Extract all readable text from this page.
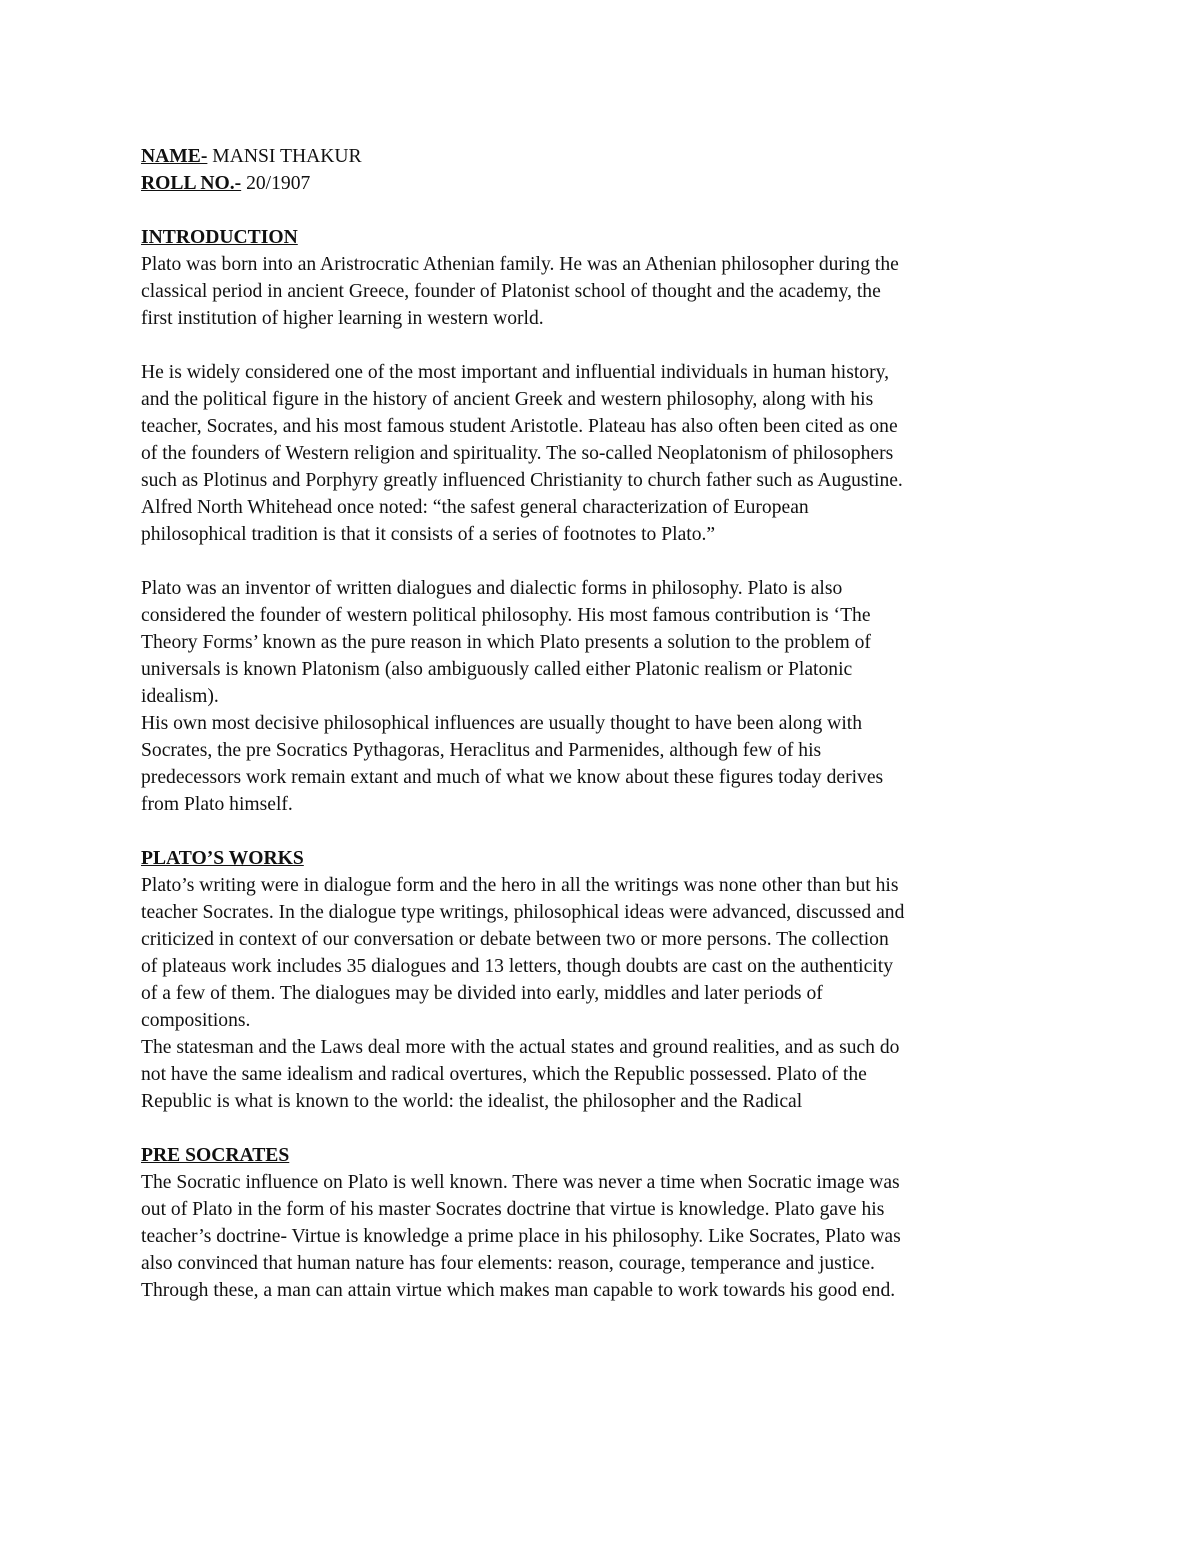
NAME- MANSI THAKUR
ROLL NO.- 20/1907
INTRODUCTION

Plato was born into an Aristrocratic Athenian family. He was an Athenian philosopher during the
classical period in ancient Greece, founder of Platonist school of thought and the academy, the
first institution of higher learning in western world.

He is widely considered one of the most important and influential individuals in human history,
and the political figure in the history of ancient Greek and western philosophy, along with his
teacher, Socrates, and his most famous student Aristotle. Plateau has also often been cited as one
of the founders of Western religion and spirituality. The so-called Neoplatonism of philosophers
such as Plotinus and Porphyry greatly influenced Christianity to church father such as Augustine.
Alfred North Whitehead once noted: “the safest general characterization of European
philosophical tradition is that it consists of a series of footnotes to Plato.”

Plato was an inventor of written dialogues and dialectic forms in philosophy. Plato is also
considered the founder of western political philosophy. His most famous contribution is ‘The
Theory Forms’ known as the pure reason in which Plato presents a solution to the problem of
universals is known Platonism (also ambiguously called either Platonic realism or Platonic
idealism).
His own most decisive philosophical influences are usually thought to have been along with
Socrates, the pre Socratics Pythagoras, Heraclitus and Parmenides, although few of his
predecessors work remain extant and much of what we know about these figures today derives
from Plato himself.

PLATO’S WORKS

Plato’s writing were in dialogue form and the hero in all the writings was none other than but his
teacher Socrates. In the dialogue type writings, philosophical ideas were advanced, discussed and
criticized in context of our conversation or debate between two or more persons. The collection
of plateaus work includes 35 dialogues and 13 letters, though doubts are cast on the authenticity
of a few of them. The dialogues may be divided into early, middles and later periods of
compositions.
The statesman and the Laws deal more with the actual states and ground realities, and as such do
not have the same idealism and radical overtures, which the Republic possessed. Plato of the
Republic is what is known to the world: the idealist, the philosopher and the Radical

PRE SOCRATES

The Socratic influence on Plato is well known. There was never a time when Socratic image was
out of Plato in the form of his master Socrates doctrine that virtue is knowledge. Plato gave his
teacher’s doctrine- Virtue is knowledge a prime place in his philosophy. Like Socrates, Plato was
also convinced that human nature has four elements: reason, courage, temperance and justice.
Through these, a man can attain virtue which makes man capable to work towards his good end.
